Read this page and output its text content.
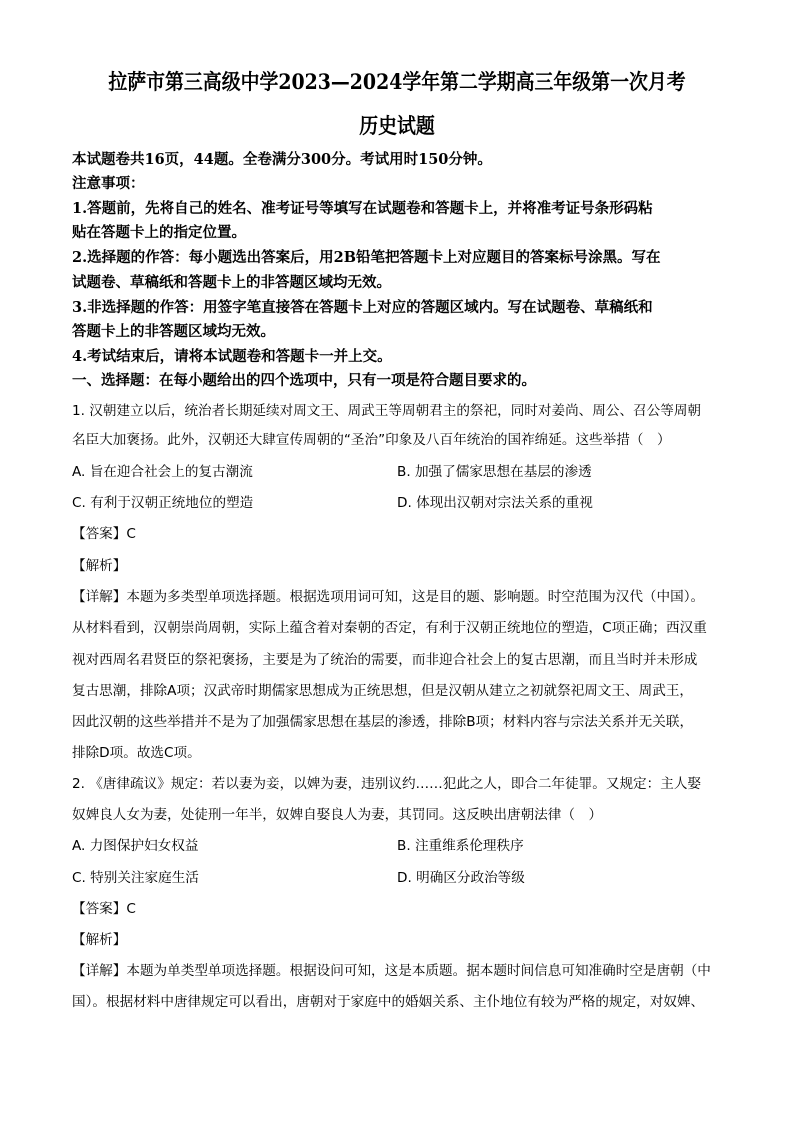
拉萨市第三高级中学2023—2024学年第二学期高三年级第一次月考
历史试题
本试题卷共16页，44题。全卷满分300分。考试用时150分钟。
注意事项：
1.答题前，先将自己的姓名、准考证号等填写在试题卷和答题卡上，并将准考证号条形码粘
贴在答题卡上的指定位置。
2.选择题的作答：每小题选出答案后，用2B铅笔把答题卡上对应题目的答案标号涂黑。写在
试题卷、草稿纸和答题卡上的非答题区域均无效。
3.非选择题的作答：用签字笔直接答在答题卡上对应的答题区域内。写在试题卷、草稿纸和
答题卡上的非答题区域均无效。
4.考试结束后，请将本试题卷和答题卡一并上交。
一、选择题：在每小题给出的四个选项中，只有一项是符合题目要求的。
1. 汉朝建立以后，统治者长期延续对周文王、周武王等周朝君主的祭祀，同时对姜尚、周公、召公等周朝
名臣大加褒扬。此外，汉朝还大肆宣传周朝的“圣治”印象及八百年统治的国祚绵延。这些举措（　）
A. 旨在迎合社会上的复古潮流	B. 加强了儒家思想在基层的渗透
C. 有利于汉朝正统地位的塑造	D. 体现出汉朝对宗法关系的重视
【答案】C
【解析】
【详解】本题为多类型单项选择题。根据选项用词可知，这是目的题、影响题。时空范围为汉代（中国）。
从材料看到，汉朝崇尚周朝，实际上蕴含着对秦朝的否定，有利于汉朝正统地位的塑造，C项正确；西汉重
视对西周名君贤臣的祭祀褒扬，主要是为了统治的需要，而非迎合社会上的复古思潮，而且当时并未形成
复古思潮，排除A项；汉武帝时期儒家思想成为正统思想，但是汉朝从建立之初就祭祀周文王、周武王，
因此汉朝的这些举措并不是为了加强儒家思想在基层的渗透，排除B项；材料内容与宗法关系并无关联，
排除D项。故选C项。
2. 《唐律疏议》规定：若以妻为妾，以婢为妻，违别议约……犯此之人，即合二年徒罪。又规定：主人娶
奴婢良人女为妻，处徒刑一年半，奴婢自娶良人为妻，其罚同。这反映出唐朝法律（　）
A. 力图保护妇女权益	B. 注重维系伦理秩序
C. 特别关注家庭生活	D. 明确区分政治等级
【答案】C
【解析】
【详解】本题为单类型单项选择题。根据设问可知，这是本质题。据本题时间信息可知准确时空是唐朝（中
国）。根据材料中唐律规定可以看出，唐朝对于家庭中的婚姻关系、主仆地位有较为严格的规定，对奴婢、
